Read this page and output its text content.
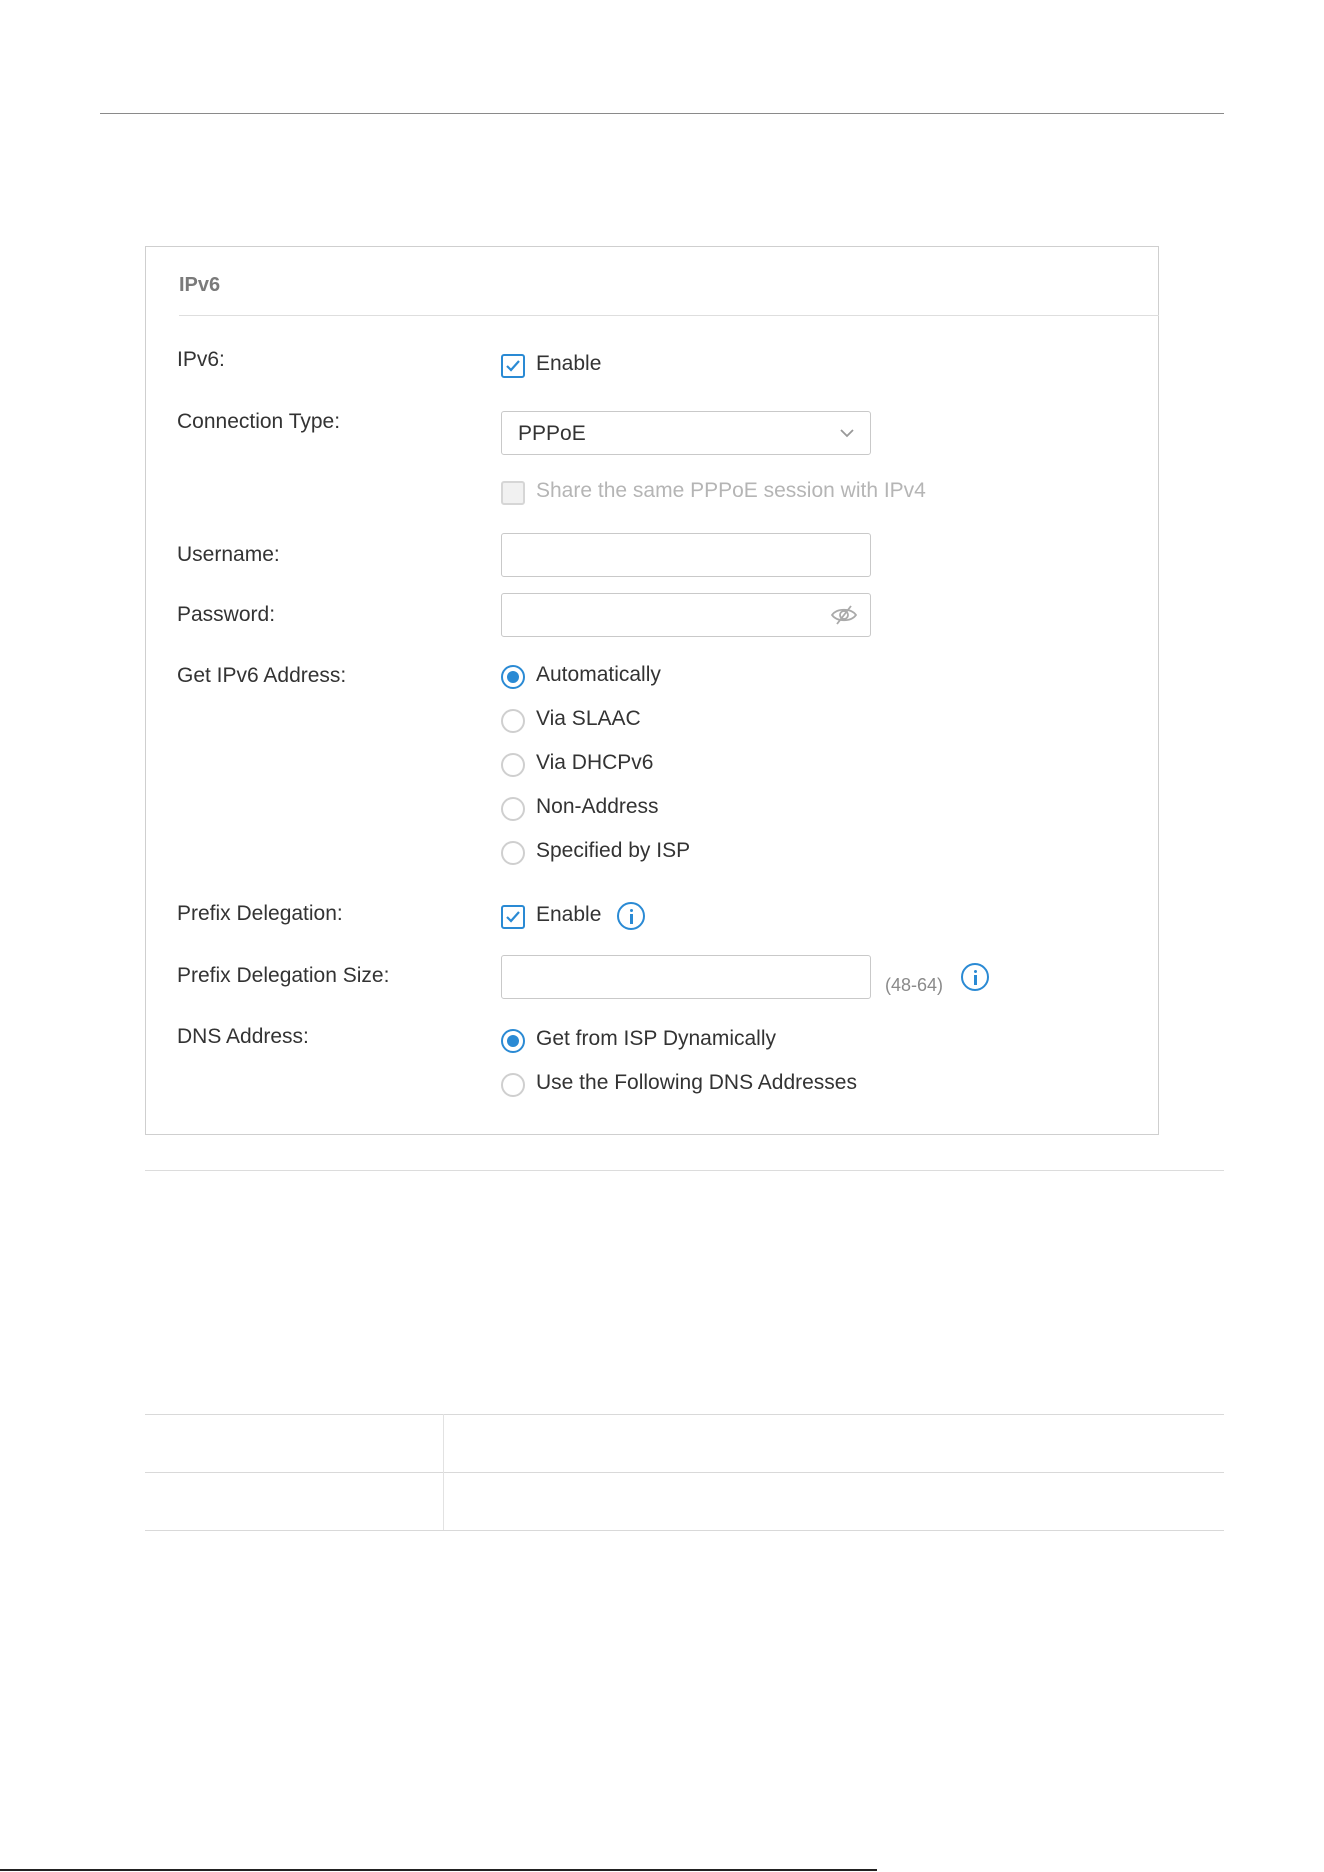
IPv6
IPv6:	Enable
Connection Type:
PPPoE
Share the same PPPoE session with IPv4
Username:
Password:
Get IPv6 Address:	Automatically
Via SLAAC
Via DHCPv6
Non-Address
Specified by ISP
Prefix Delegation:	Enable
Prefix Delegation Size:	(48-64)
DNS Address:	Get from ISP Dynamically
Use the Following DNS Addresses
